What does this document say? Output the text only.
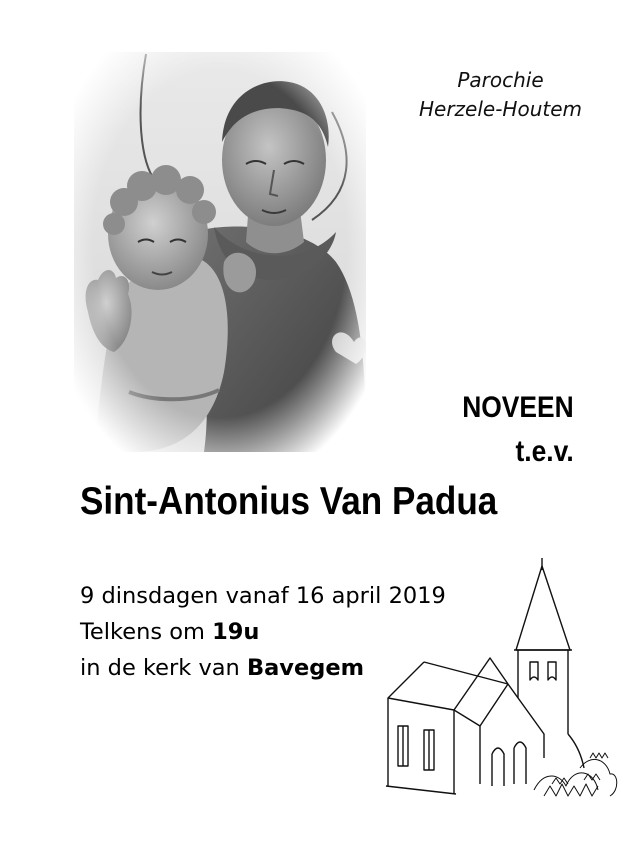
Parochie
Herzele-Houtem
NOVEEN
t.e.v.
Sint-Antonius Van Padua
9 dinsdagen vanaf 16 april 2019
Telkens om 19u
in de kerk van Bavegem
